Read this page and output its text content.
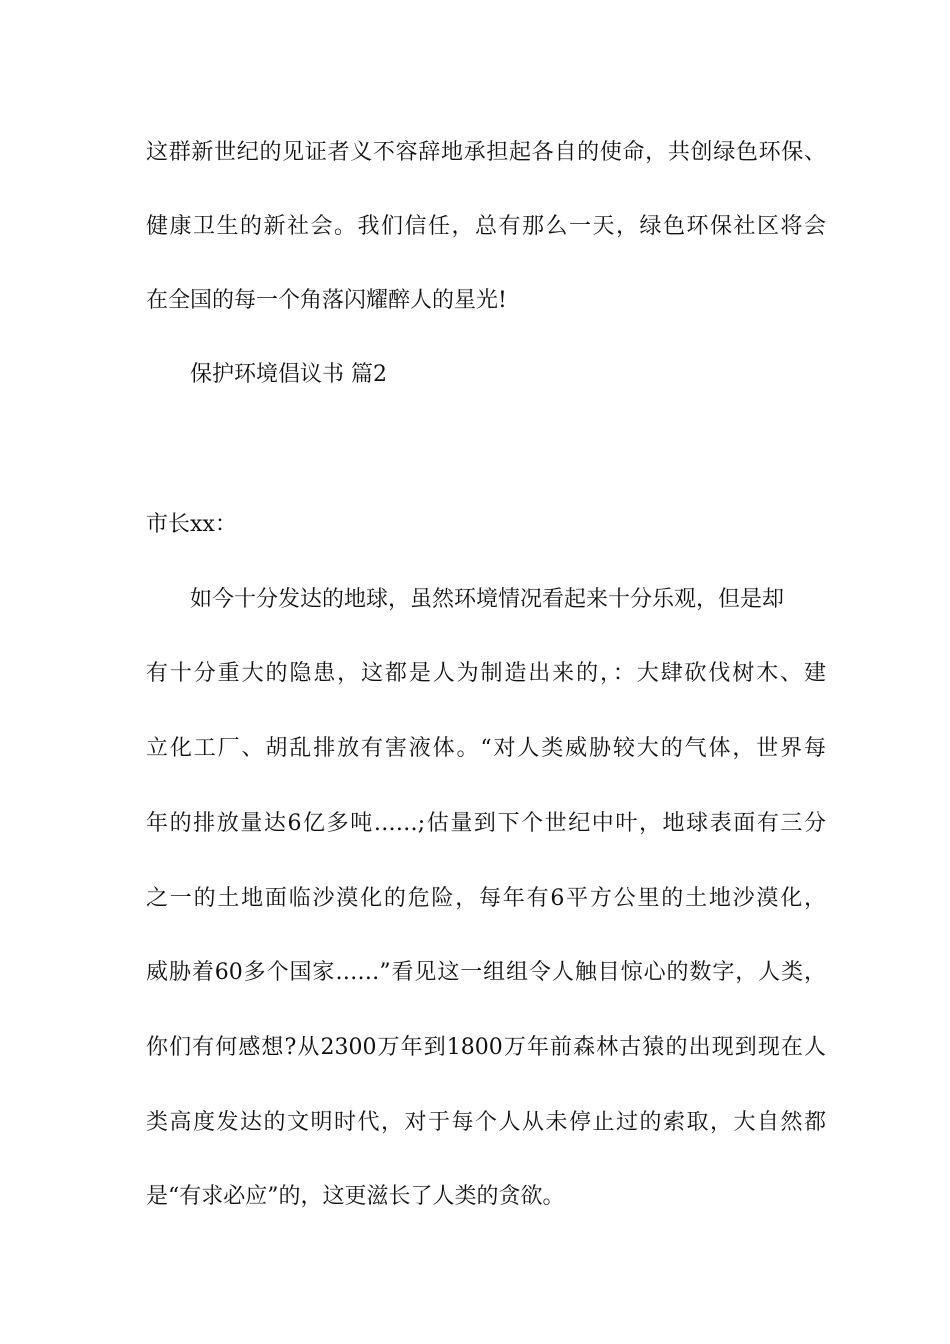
这群新世纪的见证者义不容辞地承担起各自的使命，共创绿色环保、

健康卫生的新社会。我们信任，总有那么一天，绿色环保社区将会

在全国的每一个角落闪耀醉人的星光!

保护环境倡议书 篇2

市长xx：

如今十分发达的地球，虽然环境情况看起来十分乐观，但是却

有十分重大的隐患，这都是人为制造出来的，：大肆砍伐树木、建

立化工厂、胡乱排放有害液体。“对人类威胁较大的气体，世界每

年的排放量达6亿多吨……;估量到下个世纪中叶，地球表面有三分

之一的土地面临沙漠化的危险，每年有6平方公里的土地沙漠化，

威胁着60多个国家……”看见这一组组令人触目惊心的数字，人类，

你们有何感想?从2300万年到1800万年前森林古猿的出现到现在人

类高度发达的文明时代，对于每个人从未停止过的索取，大自然都

是“有求必应”的，这更滋长了人类的贪欲。
